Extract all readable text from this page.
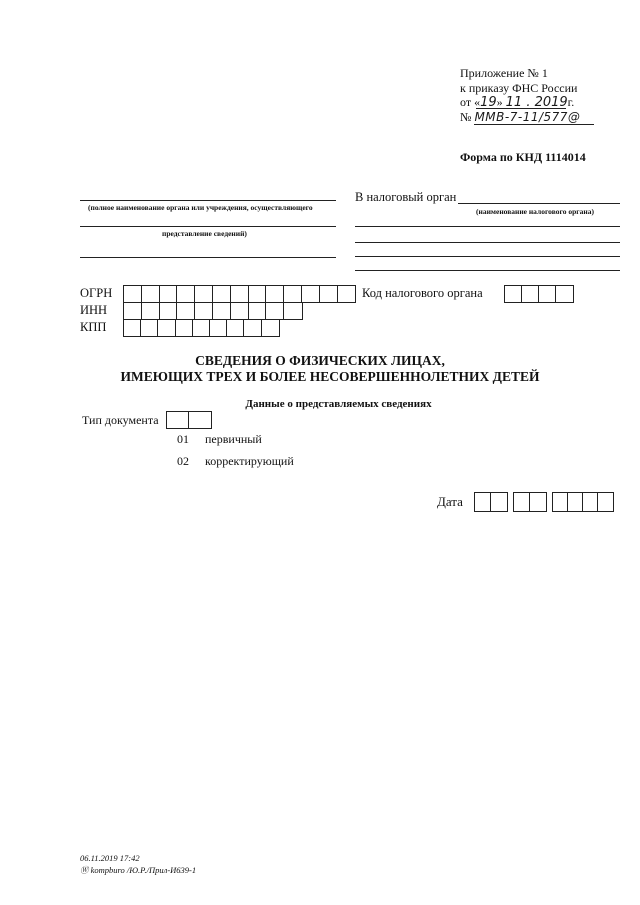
Приложение № 1
к приказу ФНС России
от «19» 11 . 2019г.
№ ММВ-7-11/577@
Форма по КНД 1114014
(полное наименование органа или учреждения, осуществляющего
представление сведений)
В налоговый орган
(наименование налогового органа)
ОГРН	Код налогового органа
ИНН
КПП
СВЕДЕНИЯ О ФИЗИЧЕСКИХ ЛИЦАХ,
ИМЕЮЩИХ ТРЕХ И БОЛЕЕ НЕСОВЕРШЕННОЛЕТНИХ ДЕТЕЙ
Данные о представляемых сведениях
Тип документа
01 первичный
02 корректирующий
Дата
06.11.2019 17:42
Ⓦ kompburo /Ю.Р./Прил-И639-1
